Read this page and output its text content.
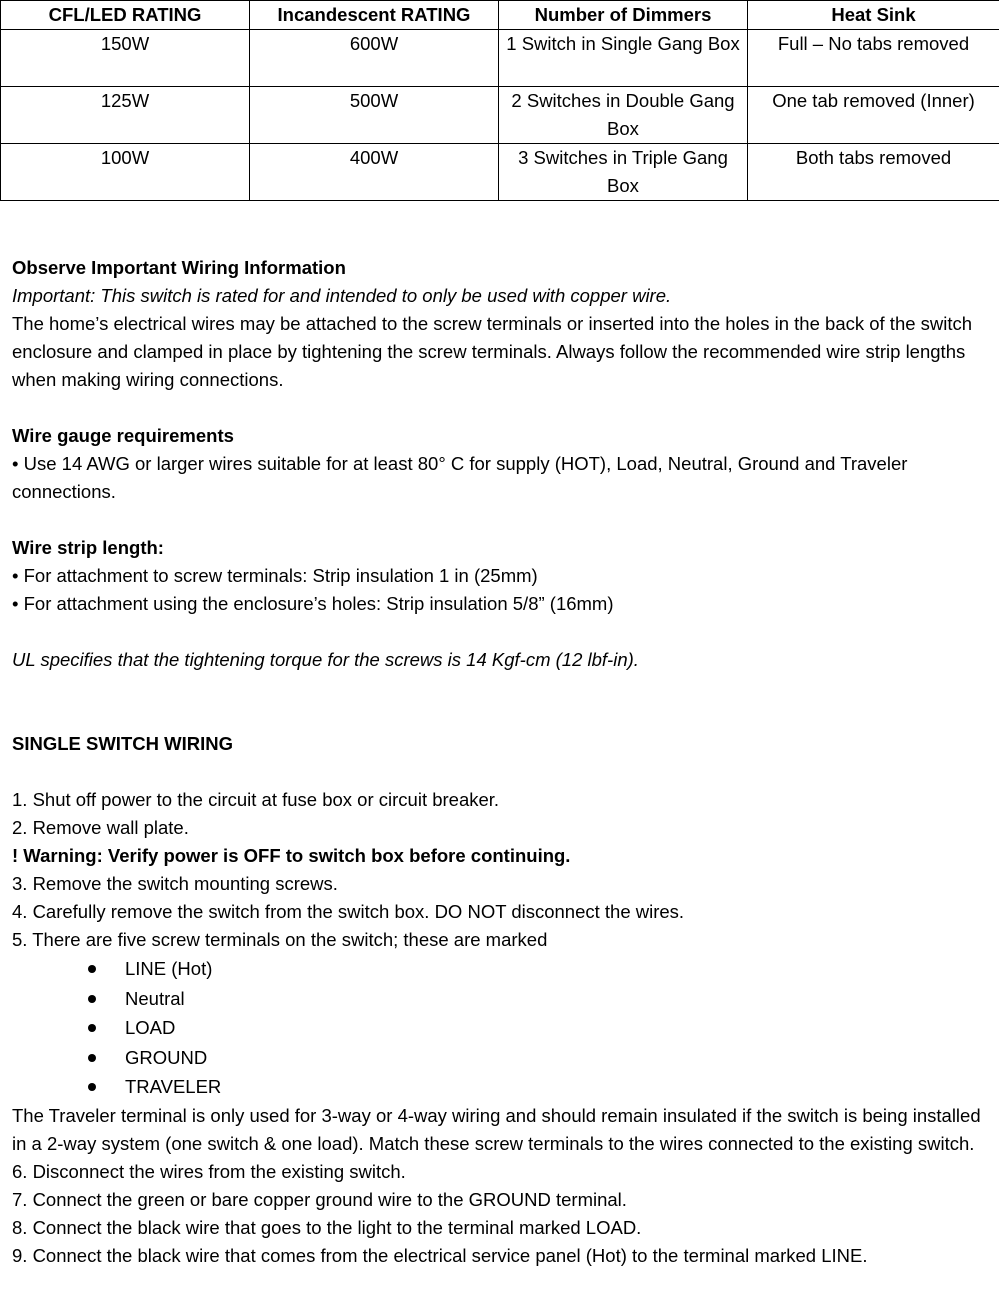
CFL/LED RATING	Incandescent RATING	Number of Dimmers	Heat Sink
150W	600W	1 Switch in Single Gang Box	Full – No tabs removed
125W	500W	2 Switches in Double Gang Box	One tab removed (Inner)
100W	400W	3 Switches in Triple Gang Box	Both tabs removed

Observe Important Wiring Information

Important: This switch is rated for and intended to only be used with copper wire.

The home’s electrical wires may be attached to the screw terminals or inserted into the holes in the back of the switch enclosure and clamped in place by tightening the screw terminals. Always follow the recommended wire strip lengths when making wiring connections.

Wire gauge requirements

• Use 14 AWG or larger wires suitable for at least 80° C for supply (HOT), Load, Neutral, Ground and Traveler connections.

Wire strip length:

• For attachment to screw terminals: Strip insulation 1 in (25mm)

• For attachment using the enclosure’s holes: Strip insulation 5/8” (16mm)

UL specifies that the tightening torque for the screws is 14 Kgf-cm (12 lbf-in).

SINGLE SWITCH WIRING

1. Shut off power to the circuit at fuse box or circuit breaker.

2. Remove wall plate.

! Warning: Verify power is OFF to switch box before continuing.

3. Remove the switch mounting screws.

4. Carefully remove the switch from the switch box. DO NOT disconnect the wires.

5. There are five screw terminals on the switch; these are marked

LINE (Hot)
Neutral
LOAD
GROUND
TRAVELER

The Traveler terminal is only used for 3-way or 4-way wiring and should remain insulated if the switch is being installed in a 2-way system (one switch & one load). Match these screw terminals to the wires connected to the existing switch.

6. Disconnect the wires from the existing switch.

7. Connect the green or bare copper ground wire to the GROUND terminal.

8. Connect the black wire that goes to the light to the terminal marked LOAD.

9. Connect the black wire that comes from the electrical service panel (Hot) to the terminal marked LINE.
